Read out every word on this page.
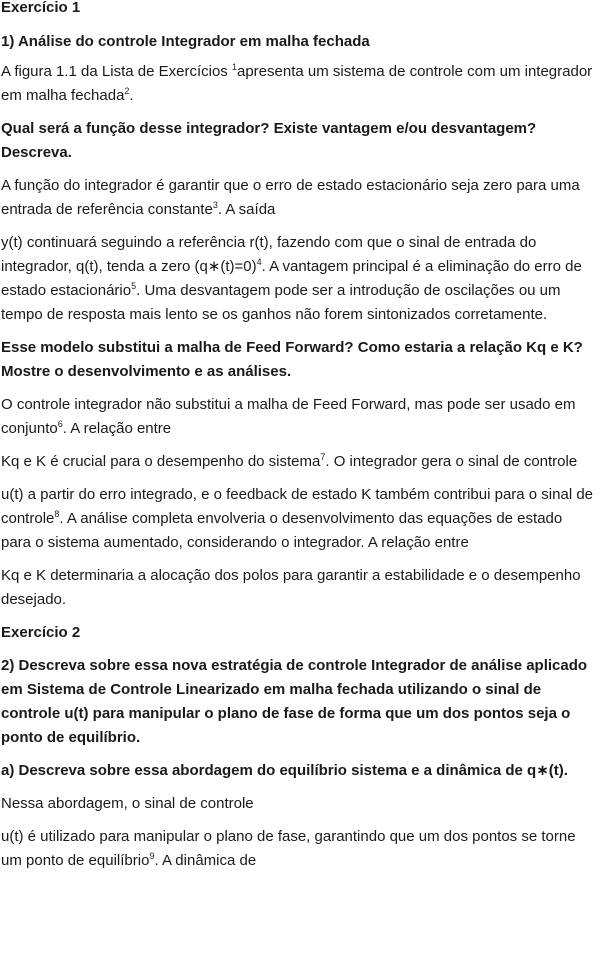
Exercício 1
1) Análise do controle Integrador em malha fechada
A figura 1.1 da Lista de Exercícios $^1$apresenta um sistema de controle com um integrador em malha fechada$^2$.
Qual será a função desse integrador? Existe vantagem e/ou desvantagem? Descreva.
A função do integrador é garantir que o erro de estado estacionário seja zero para uma entrada de referência constante$^3$. A saída
y(t) continuará seguindo a referência r(t), fazendo com que o sinal de entrada do integrador, q(t), tenda a zero (q∗(t)=0)$^4$. A vantagem principal é a eliminação do erro de estado estacionário$^5$. Uma desvantagem pode ser a introdução de oscilações ou um tempo de resposta mais lento se os ganhos não forem sintonizados corretamente.
Esse modelo substitui a malha de Feed Forward? Como estaria a relação Kq e K? Mostre o desenvolvimento e as análises.
O controle integrador não substitui a malha de Feed Forward, mas pode ser usado em conjunto$^6$. A relação entre
Kq e K é crucial para o desempenho do sistema$^7$. O integrador gera o sinal de controle
u(t) a partir do erro integrado, e o feedback de estado K também contribui para o sinal de controle$^8$. A análise completa envolveria o desenvolvimento das equações de estado para o sistema aumentado, considerando o integrador. A relação entre
Kq e K determinaria a alocação dos polos para garantir a estabilidade e o desempenho desejado.
Exercício 2
2) Descreva sobre essa nova estratégia de controle Integrador de análise aplicado em Sistema de Controle Linearizado em malha fechada utilizando o sinal de controle u(t) para manipular o plano de fase de forma que um dos pontos seja o ponto de equilíbrio.
a) Descreva sobre essa abordagem do equilíbrio sistema e a dinâmica de q∗(t).
Nessa abordagem, o sinal de controle
u(t) é utilizado para manipular o plano de fase, garantindo que um dos pontos se torne um ponto de equilíbrio$^9$. A dinâmica de
